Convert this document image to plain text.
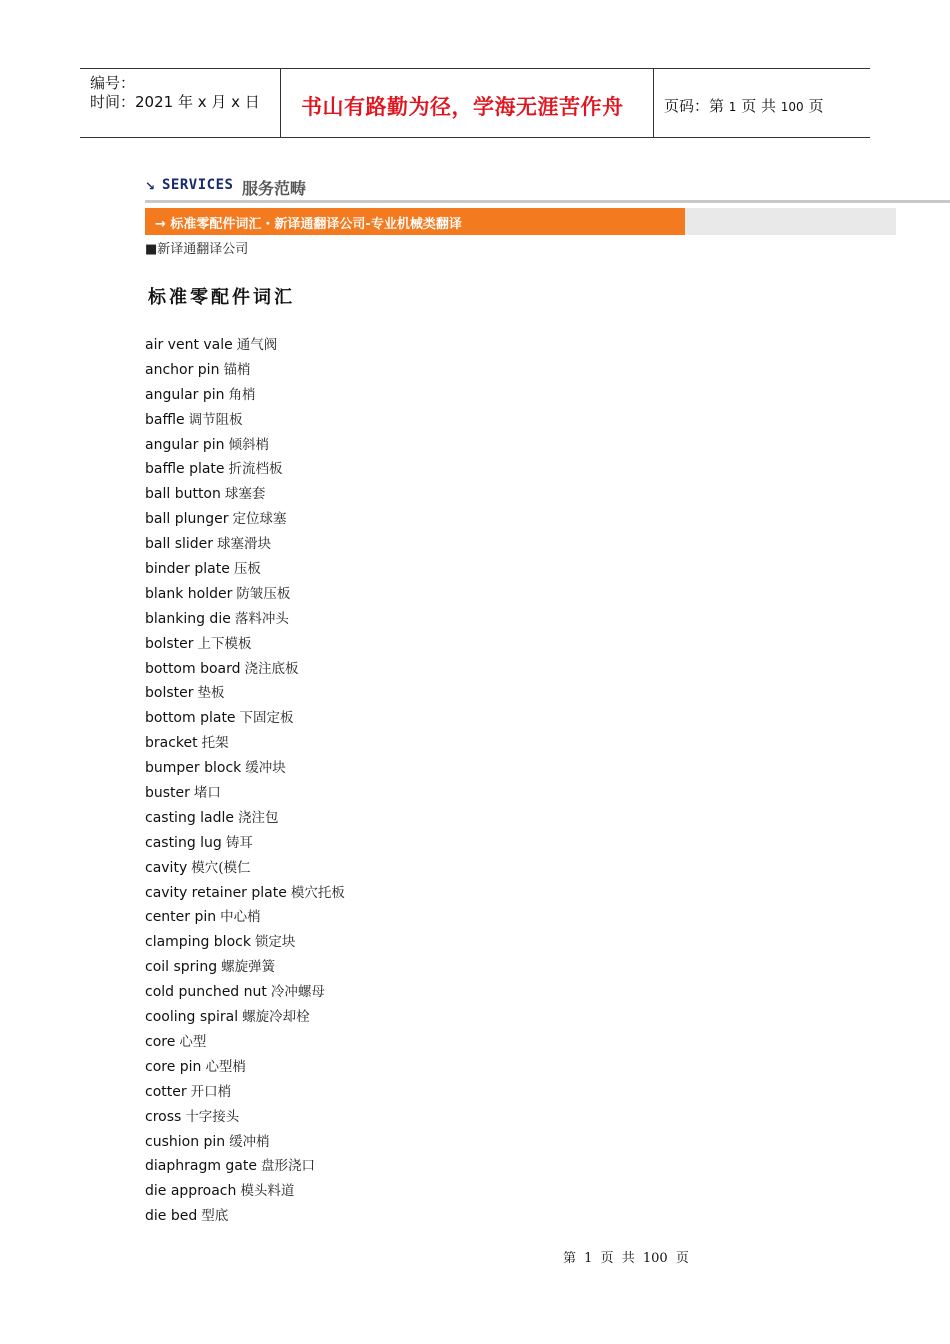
编号：
时间：2021 年 x 月 x 日 书山有路勤为径，学海无涯苦作舟	页码：第 1 页 共 100 页
↘ SERVICES 服务范畴
→ 标准零配件词汇・新译通翻译公司-专业机械类翻译
■新译通翻译公司
标准零配件词汇
air vent vale 通气阀
anchor pin 锚梢
angular pin 角梢
baffle 调节阻板
angular pin 倾斜梢
baffle plate 折流档板
ball button 球塞套
ball plunger 定位球塞
ball slider 球塞滑块
binder plate 压板
blank holder 防皱压板
blanking die 落料冲头
bolster 上下模板
bottom board 浇注底板
bolster 垫板
bottom plate 下固定板
bracket 托架
bumper block 缓冲块
buster 堵口
casting ladle 浇注包
casting lug 铸耳
cavity 模穴(模仁
cavity retainer plate 模穴托板
center pin 中心梢
clamping block 锁定块
coil spring 螺旋弹簧
cold punched nut 冷冲螺母
cooling spiral 螺旋冷却栓
core 心型
core pin 心型梢
cotter 开口梢
cross 十字接头
cushion pin 缓冲梢
diaphragm gate 盘形浇口
die approach 模头料道
die bed 型底
第 1 页 共 100 页
